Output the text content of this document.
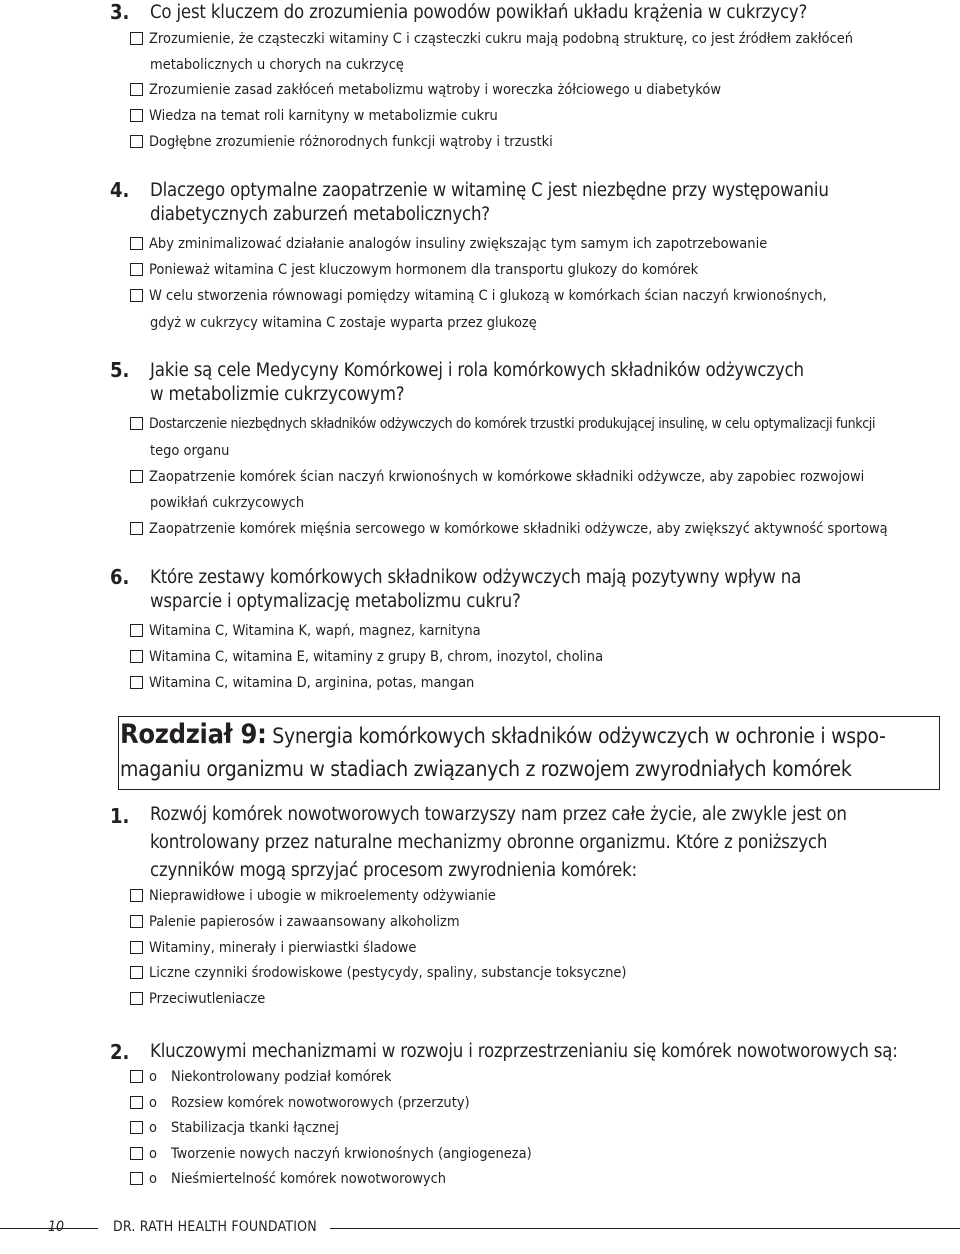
3. Co jest kluczem do zrozumienia powodów powikłań układu krążenia w cukrzycy?
Zrozumienie, że cząsteczki witaminy C i cząsteczki cukru mają podobną strukturę, co jest źródłem zakłóceń
metabolicznych u chorych na cukrzycę
Zrozumienie zasad zakłóceń metabolizmu wątroby i woreczka żółciowego u diabetyków
Wiedza na temat roli karnityny w metabolizmie cukru
Dogłębne zrozumienie różnorodnych funkcji wątroby i trzustki
4. Dlaczego optymalne zaopatrzenie w witaminę C jest niezbędne przy występowaniu
diabetycznych zaburzeń metabolicznych?
Aby zminimalizować działanie analogów insuliny zwiększając tym samym ich zapotrzebowanie
Ponieważ witamina C jest kluczowym hormonem dla transportu glukozy do komórek
W celu stworzenia równowagi pomiędzy witaminą C i glukozą w komórkach ścian naczyń krwionośnych,
gdyż w cukrzycy witamina C zostaje wyparta przez glukozę
5. Jakie są cele Medycyny Komórkowej i rola komórkowych składników odżywczych
w metabolizmie cukrzycowym?
Dostarczenie niezbędnych składników odżywczych do komórek trzustki produkującej insulinę, w celu optymalizacji funkcji
tego organu
Zaopatrzenie komórek ścian naczyń krwionośnych w komórkowe składniki odżywcze, aby zapobiec rozwojowi
powikłań cukrzycowych
Zaopatrzenie komórek mięśnia sercowego w komórkowe składniki odżywcze, aby zwiększyć aktywność sportową
6. Które zestawy komórkowych składnikow odżywczych mają pozytywny wpływ na
wsparcie i optymalizację metabolizmu cukru?
Witamina C, Witamina K, wapń, magnez, karnityna
Witamina C, witamina E, witaminy z grupy B, chrom, inozytol, cholina
Witamina C, witamina D, arginina, potas, mangan
Rozdział 9: Synergia komórkowych składników odżywczych w ochronie i wspo-
maganiu organizmu w stadiach związanych z rozwojem zwyrodniałych komórek
1. Rozwój komórek nowotworowych towarzyszy nam przez całe życie, ale zwykle jest on
kontrolowany przez naturalne mechanizmy obronne organizmu. Które z poniższych
czynników mogą sprzyjać procesom zwyrodnienia komórek:
Nieprawidłowe i ubogie w mikroelementy odżywianie
Palenie papierosów i zawaansowany alkoholizm
Witaminy, minerały i pierwiastki śladowe
Liczne czynniki środowiskowe (pestycydy, spaliny, substancje toksyczne)
Przeciwutleniacze
2. Kluczowymi mechanizmami w rozwoju i rozprzestrzenianiu się komórek nowotworowych są:
o Niekontrolowany podział komórek
o Rozsiew komórek nowotworowych (przerzuty)
o Stabilizacja tkanki łącznej
o Tworzenie nowych naczyń krwionośnych (angiogeneza)
o Nieśmiertelność komórek nowotworowych
10	DR. RATH HEALTH FOUNDATION
